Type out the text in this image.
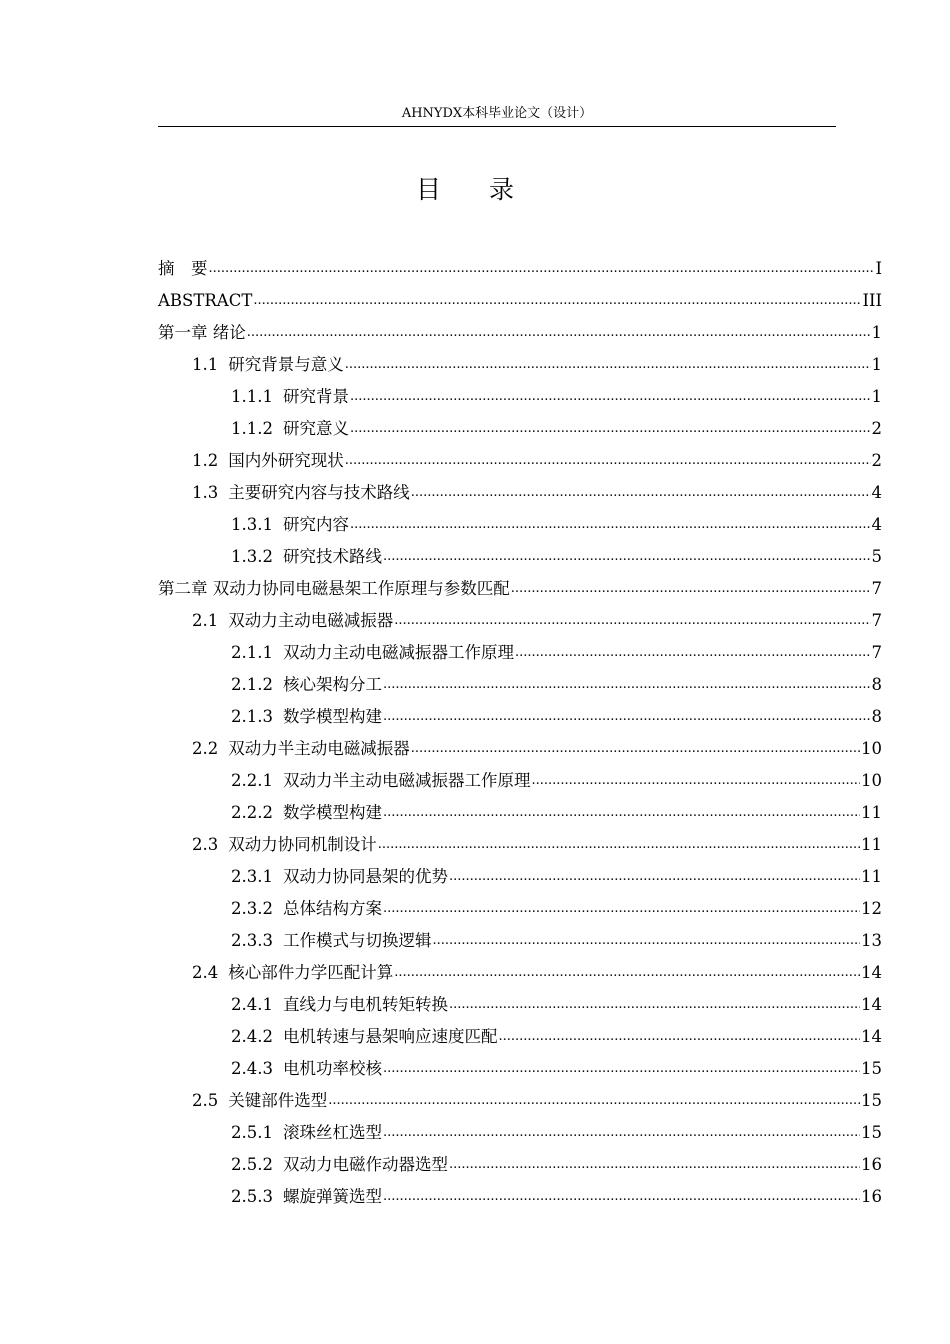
AHNYDX本科毕业论文（设计）
目 录
摘　要 .....	I
ABSTRACT .....	III
第一章 绪论 .....	1
1.1 研究背景与意义 .....	1
1.1.1 研究背景 .....	1
1.1.2 研究意义 .....	2
1.2 国内外研究现状 .....	2
1.3 主要研究内容与技术路线 .....	4
1.3.1 研究内容 .....	4
1.3.2 研究技术路线 .....	5
第二章 双动力协同电磁悬架工作原理与参数匹配 .....	7
2.1 双动力主动电磁减振器 .....	7
2.1.1 双动力主动电磁减振器工作原理 .....	7
2.1.2 核心架构分工 .....	8
2.1.3 数学模型构建 .....	8
2.2 双动力半主动电磁减振器 .....	10
2.2.1 双动力半主动电磁减振器工作原理 .....	10
2.2.2 数学模型构建 .....	11
2.3 双动力协同机制设计 .....	11
2.3.1 双动力协同悬架的优势 .....	11
2.3.2 总体结构方案 .....	12
2.3.3 工作模式与切换逻辑 .....	13
2.4 核心部件力学匹配计算 .....	14
2.4.1 直线力与电机转矩转换 .....	14
2.4.2 电机转速与悬架响应速度匹配 .....	14
2.4.3 电机功率校核 .....	15
2.5 关键部件选型 .....	15
2.5.1 滚珠丝杠选型 .....	15
2.5.2 双动力电磁作动器选型 .....	16
2.5.3 螺旋弹簧选型 .....	16
